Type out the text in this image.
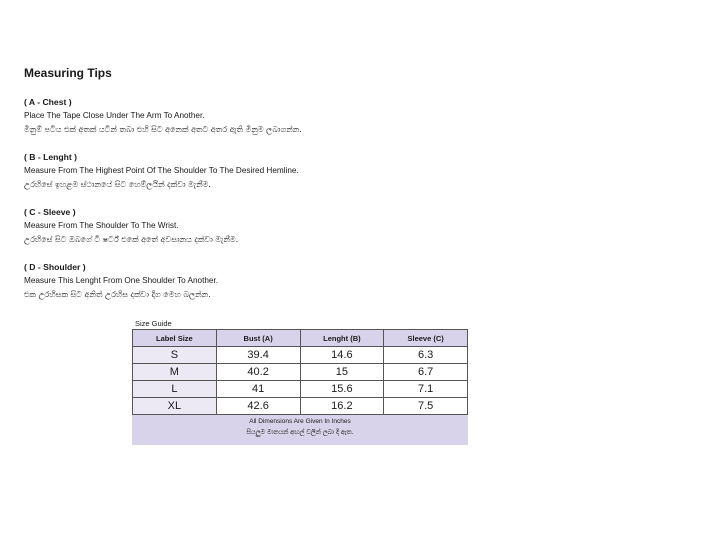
Measuring Tips
( A - Chest )
Place The Tape Close Under The Arm To Another.
මිනුම් පටිය එක් අතක් යටින් තබා එහි සිට අනෙක් අතට අතර ඇති මිනුම ලබාගන්න.
( B - Lenght )
Measure From The Highest Point Of The Shoulder To The Desired Hemline.
උරහිසේ ඉහළම ස්ථානයේ සිට හෙම්ලයින් දක්වා මැනීම.
( C - Sleeve )
Measure From The Shoulder To The Wrist.
උරහිසේ සිට ඔබගේ ටී ෂර්ට් එකේ අතේ අවසානය දක්වා මැනීම.
( D - Shoulder )
Measure This Lenght From One Shoulder To Another.
එක උරහිසක සිට අනිත් උරහිස දක්වා දිග මෙහ බලන්න.
Size Guide
Label Size	Bust (A)	Lenght (B)	Sleeve (C)
S	39.4	14.6	6.3
M	40.2	15	6.7
L	41	15.6	7.1
XL	42.6	16.2	7.5
All Dimensions Are Given In Inches
සියලුම මානයන් අඟල් වලින් ලබා දී ඇත.
